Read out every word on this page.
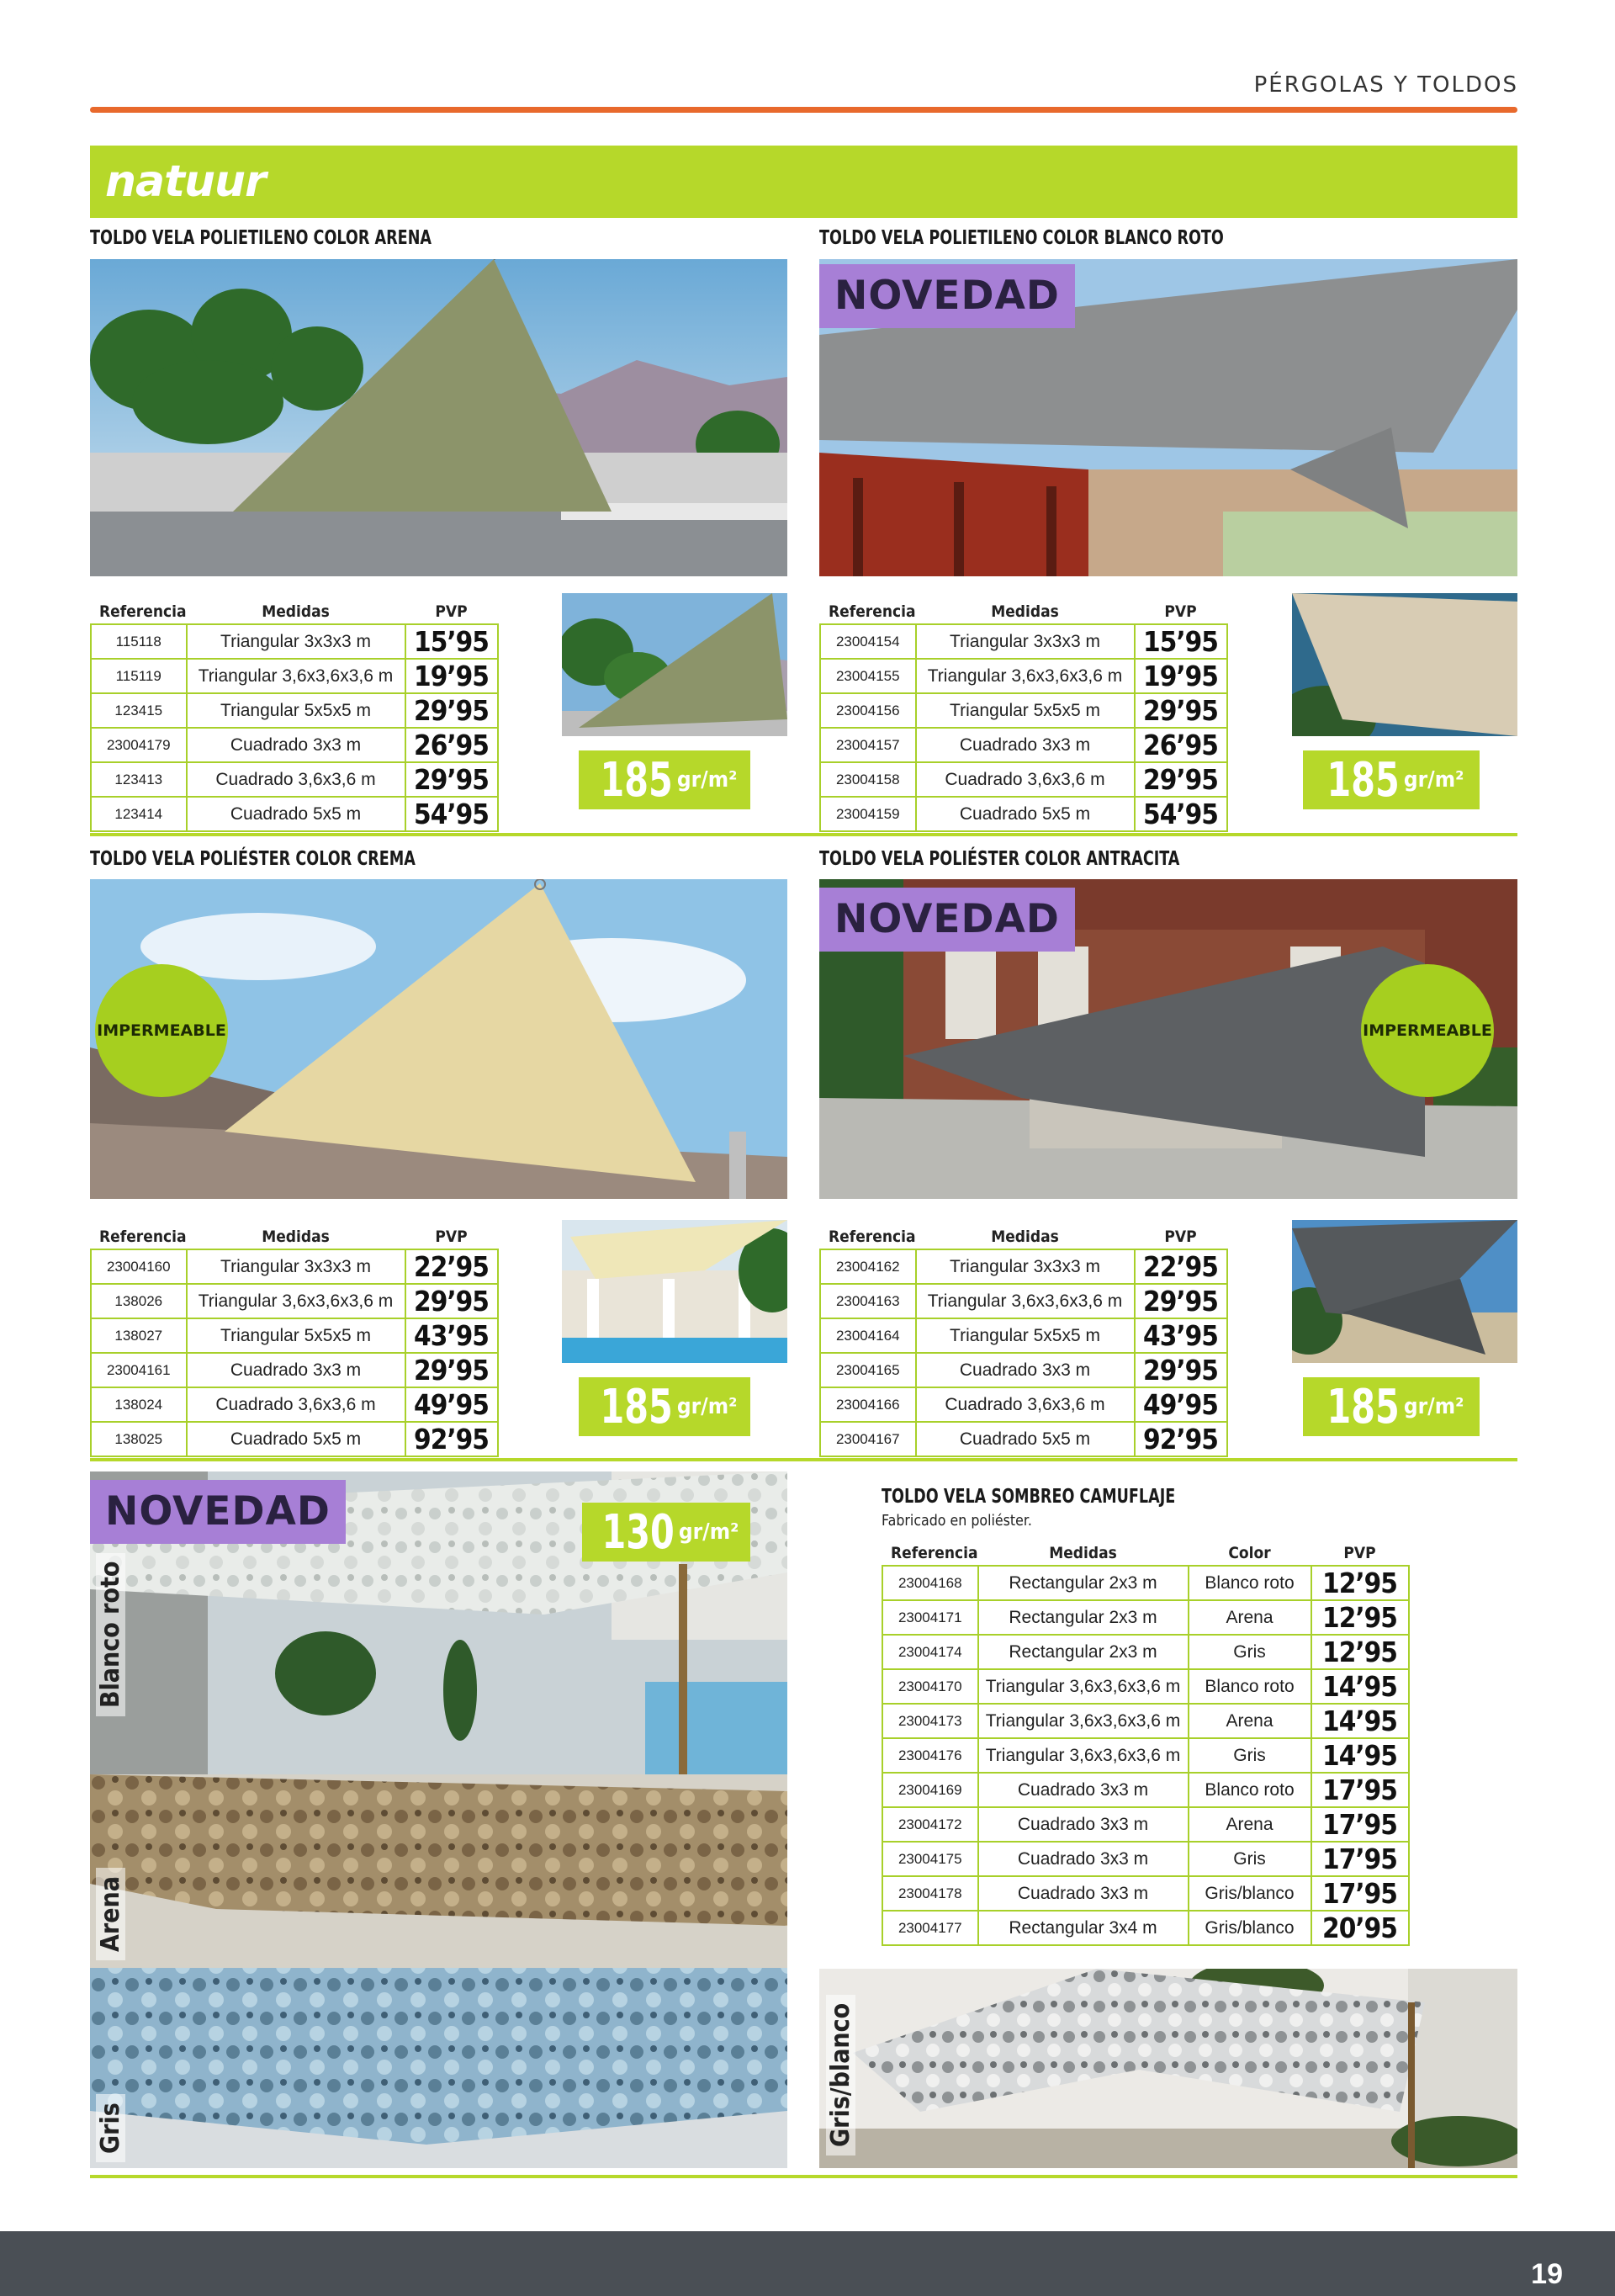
PÉRGOLAS Y TOLDOS
natuur
TOLDO VELA POLIETILENO COLOR ARENA
Referencia	Medidas	PVP
115118	Triangular 3x3x3 m	15’95
115119	Triangular 3,6x3,6x3,6 m	19’95
123415	Triangular 5x5x5 m	29’95
23004179	Cuadrado 3x3 m	26’95
123413	Cuadrado 3,6x3,6 m	29’95
123414	Cuadrado 5x5 m	54’95
185 gr/m²
TOLDO VELA POLIETILENO COLOR BLANCO ROTO
NOVEDAD
Referencia	Medidas	PVP
23004154	Triangular 3x3x3 m	15’95
23004155	Triangular 3,6x3,6x3,6 m	19’95
23004156	Triangular 5x5x5 m	29’95
23004157	Cuadrado 3x3 m	26’95
23004158	Cuadrado 3,6x3,6 m	29’95
23004159	Cuadrado 5x5 m	54’95
185 gr/m²
TOLDO VELA POLIÉSTER COLOR CREMA
IMPERMEABLE
Referencia	Medidas	PVP
23004160	Triangular 3x3x3 m	22’95
138026	Triangular 3,6x3,6x3,6 m	29’95
138027	Triangular 5x5x5 m	43’95
23004161	Cuadrado 3x3 m	29’95
138024	Cuadrado 3,6x3,6 m	49’95
138025	Cuadrado 5x5 m	92’95
185 gr/m²
TOLDO VELA POLIÉSTER COLOR ANTRACITA
NOVEDAD
IMPERMEABLE
Referencia	Medidas	PVP
23004162	Triangular 3x3x3 m	22’95
23004163	Triangular 3,6x3,6x3,6 m	29’95
23004164	Triangular 5x5x5 m	43’95
23004165	Cuadrado 3x3 m	29’95
23004166	Cuadrado 3,6x3,6 m	49’95
23004167	Cuadrado 5x5 m	92’95
185 gr/m²
NOVEDAD	130 gr/m²
Blanco roto
Arena
Gris
TOLDO VELA SOMBREO CAMUFLAJE
Fabricado en poliéster.
Referencia	Medidas	Color	PVP
23004168	Rectangular 2x3 m	Blanco roto	12’95
23004171	Rectangular 2x3 m	Arena	12’95
23004174	Rectangular 2x3 m	Gris	12’95
23004170	Triangular 3,6x3,6x3,6 m	Blanco roto	14’95
23004173	Triangular 3,6x3,6x3,6 m	Arena	14’95
23004176	Triangular 3,6x3,6x3,6 m	Gris	14’95
23004169	Cuadrado 3x3 m	Blanco roto	17’95
23004172	Cuadrado 3x3 m	Arena	17’95
23004175	Cuadrado 3x3 m	Gris	17’95
23004178	Cuadrado 3x3 m	Gris/blanco	17’95
23004177	Rectangular 3x4 m	Gris/blanco	20’95
Gris/blanco
19
